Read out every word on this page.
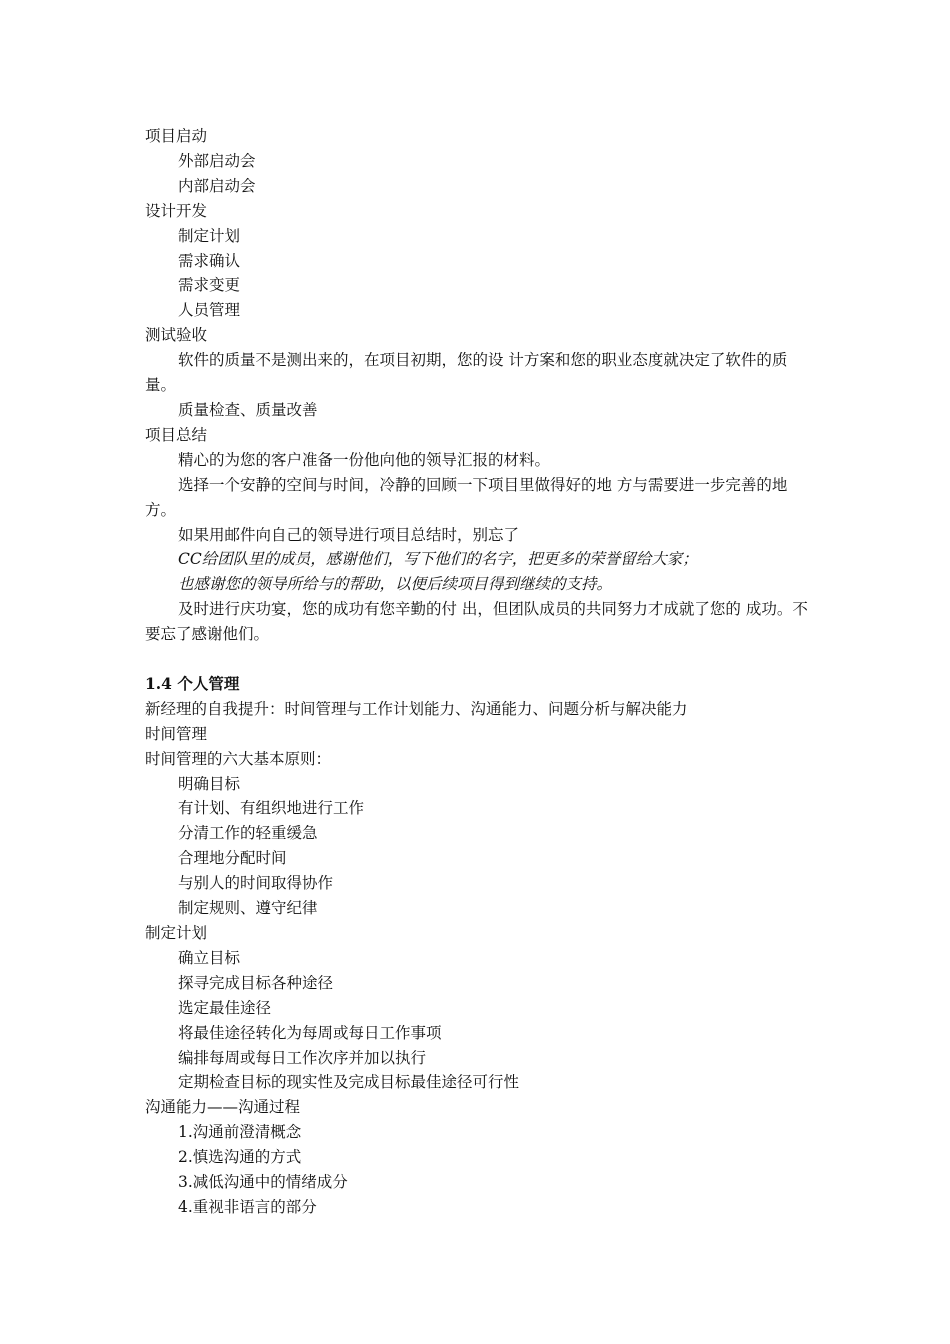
项目启动
外部启动会
内部启动会
设计开发
制定计划
需求确认
需求变更
人员管理
测试验收
软件的质量不是测出来的，在项目初期，您的设 计方案和您的职业态度就决定了软件的质量。
质量检查、质量改善
项目总结
精心的为您的客户准备一份他向他的领导汇报的材料。
选择一个安静的空间与时间，冷静的回顾一下项目里做得好的地 方与需要进一步完善的地方。
如果用邮件向自己的领导进行项目总结时，别忘了
CC给团队里的成员，感谢他们，写下他们的名字，把更多的荣誉留给大家；
也感谢您的领导所给与的帮助，以便后续项目得到继续的支持。
及时进行庆功宴，您的成功有您辛勤的付 出，但团队成员的共同努力才成就了您的 成功。不要忘了感谢他们。
1.4 个人管理
新经理的自我提升：时间管理与工作计划能力、沟通能力、问题分析与解决能力
时间管理
时间管理的六大基本原则：
明确目标
有计划、有组织地进行工作
分清工作的轻重缓急
合理地分配时间
与别人的时间取得协作
制定规则、遵守纪律
制定计划
确立目标
探寻完成目标各种途径
选定最佳途径
将最佳途径转化为每周或每日工作事项
编排每周或每日工作次序并加以执行
定期检查目标的现实性及完成目标最佳途径可行性
沟通能力——沟通过程
1.沟通前澄清概念
2.慎选沟通的方式
3.减低沟通中的情绪成分
4.重视非语言的部分
